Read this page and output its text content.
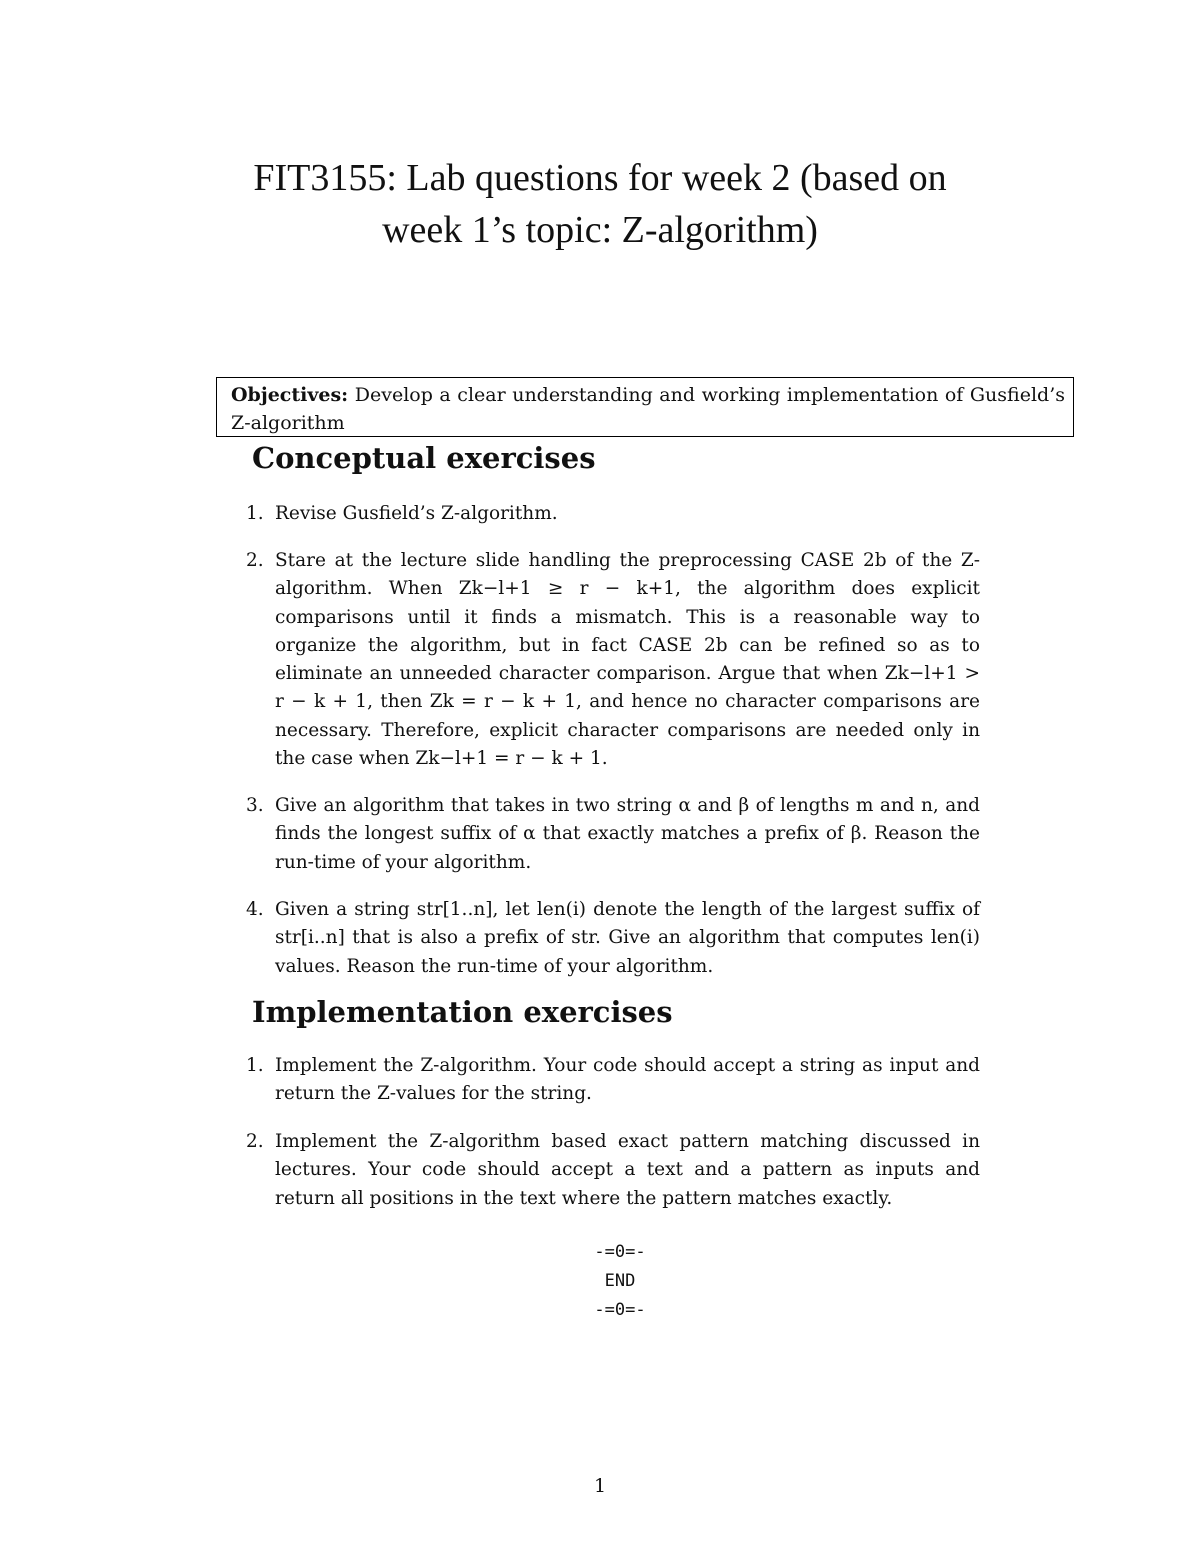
FIT3155: Lab questions for week 2 (based on
week 1’s topic: Z-algorithm)
Objectives: Develop a clear understanding and working implementation of Gusfield’s Z-algorithm
Conceptual exercises
1. Revise Gusfield’s Z-algorithm.
2. Stare at the lecture slide handling the preprocessing CASE 2b of the Z-algorithm. When Zk−l+1 ≥ r − k+1, the algorithm does explicit comparisons until it finds a mismatch. This is a reasonable way to organize the algorithm, but in fact CASE 2b can be refined so as to eliminate an unneeded character comparison. Argue that when Zk−l+1 > r − k + 1, then Zk = r − k + 1, and hence no character comparisons are necessary. Therefore, explicit character comparisons are needed only in the case when Zk−l+1 = r − k + 1.
3. Give an algorithm that takes in two string α and β of lengths m and n, and finds the longest suffix of α that exactly matches a prefix of β. Reason the run-time of your algorithm.
4. Given a string str[1..n], let len(i) denote the length of the largest suffix of str[i..n] that is also a prefix of str. Give an algorithm that computes len(i) values. Reason the run-time of your algorithm.
Implementation exercises
1. Implement the Z-algorithm. Your code should accept a string as input and return the Z-values for the string.
2. Implement the Z-algorithm based exact pattern matching discussed in lectures. Your code should accept a text and a pattern as inputs and return all positions in the text where the pattern matches exactly.
-=0=-
END
-=0=-
1
